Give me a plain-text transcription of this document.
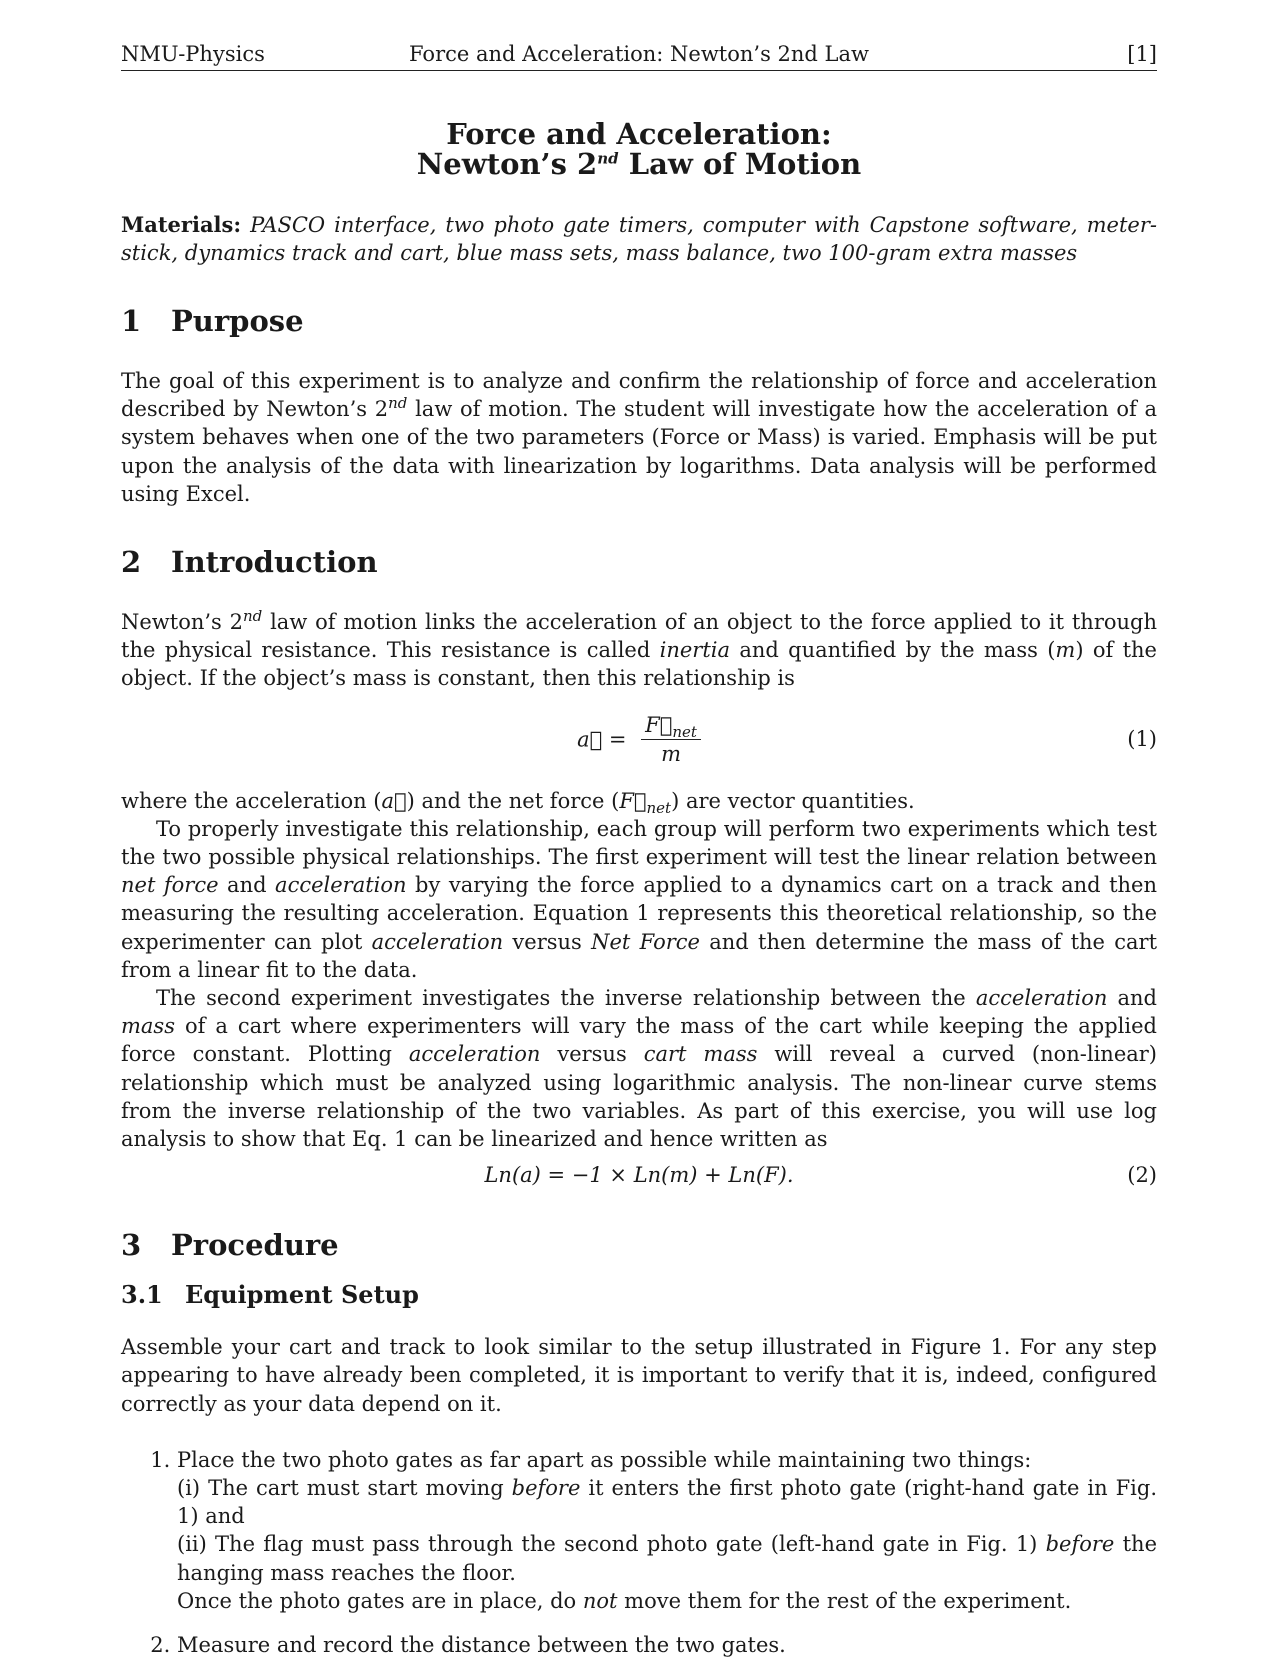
NMU-Physics	Force and Acceleration: Newton’s 2nd Law	[1]
Force and Acceleration:
Newton’s 2nd Law of Motion
Materials: PASCO interface, two photo gate timers, computer with Capstone software, meter-stick, dynamics track and cart, blue mass sets, mass balance, two 100-gram extra masses
1 Purpose

The goal of this experiment is to analyze and confirm the relationship of force and acceleration described by Newton’s 2nd law of motion. The student will investigate how the acceleration of a system behaves when one of the two parameters (Force or Mass) is varied. Emphasis will be put upon the analysis of the data with linearization by logarithms. Data analysis will be performed using Excel.

2 Introduction

Newton’s 2nd law of motion links the acceleration of an object to the force applied to it through the physical resistance. This resistance is called inertia and quantified by the mass (m) of the object. If the object’s mass is constant, then this relationship is

a⃗ = $\frac{F⃗_{net}}{m}$	(1)

where the acceleration (a⃗) and the net force $(F⃗_{net})$ are vector quantities.

To properly investigate this relationship, each group will perform two experiments which test the two possible physical relationships. The first experiment will test the linear relation between net force and acceleration by varying the force applied to a dynamics cart on a track and then measuring the resulting acceleration. Equation 1 represents this theoretical relationship, so the experimenter can plot acceleration versus Net Force and then determine the mass of the cart from a linear fit to the data.

The second experiment investigates the inverse relationship between the acceleration and mass of a cart where experimenters will vary the mass of the cart while keeping the applied force constant. Plotting acceleration versus cart mass will reveal a curved (non-linear) relationship which must be analyzed using logarithmic analysis. The non-linear curve stems from the inverse relationship of the two variables. As part of this exercise, you will use log analysis to show that Eq. 1 can be linearized and hence written as

Ln(a) = −1 × Ln(m) + Ln(F).	(2)
3 Procedure
3.1 Equipment Setup

Assemble your cart and track to look similar to the setup illustrated in Figure 1. For any step appearing to have already been completed, it is important to verify that it is, indeed, configured correctly as your data depend on it.

1. Place the two photo gates as far apart as possible while maintaining two things:
(i) The cart must start moving before it enters the first photo gate (right-hand gate in Fig. 1) and
(ii) The flag must pass through the second photo gate (left-hand gate in Fig. 1) before the hanging mass reaches the floor.
Once the photo gates are in place, do not move them for the rest of the experiment.
2. Measure and record the distance between the two gates.
